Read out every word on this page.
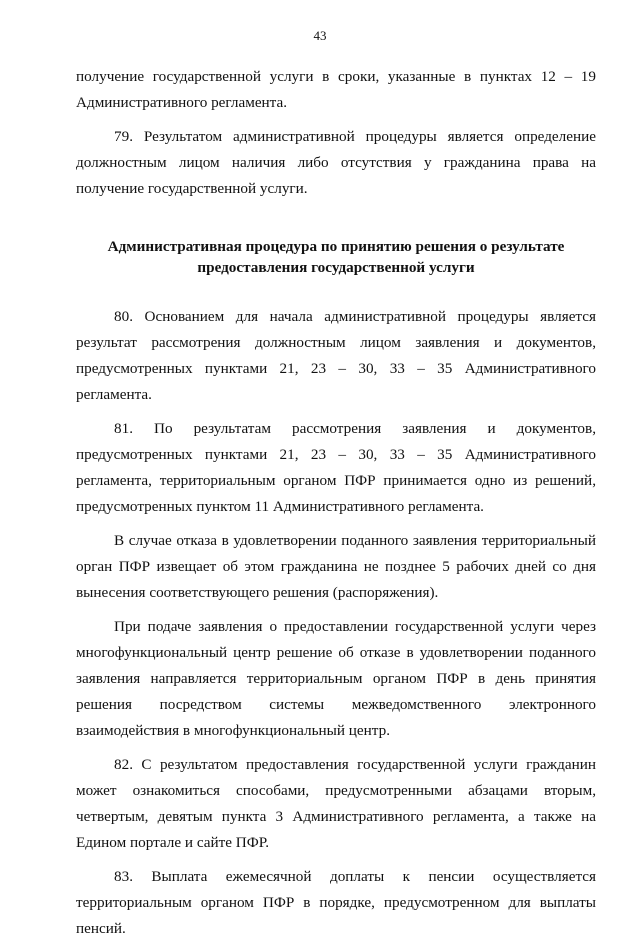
43

получение государственной услуги в сроки, указанные в пунктах 12 – 19 Административного регламента.

79. Результатом административной процедуры является определение должностным лицом наличия либо отсутствия у гражданина права на получение государственной услуги.

Административная процедура по принятию решения о результате
предоставления государственной услуги

80. Основанием для начала административной процедуры является результат рассмотрения должностным лицом заявления и документов, предусмотренных пунктами 21, 23 – 30, 33 – 35 Административного регламента.

81. По результатам рассмотрения заявления и документов, предусмотренных пунктами 21, 23 – 30, 33 – 35 Административного регламента, территориальным органом ПФР принимается одно из решений, предусмотренных пунктом 11 Административного регламента.

В случае отказа в удовлетворении поданного заявления территориальный орган ПФР извещает об этом гражданина не позднее 5 рабочих дней со дня вынесения соответствующего решения (распоряжения).

При подаче заявления о предоставлении государственной услуги через многофункциональный центр решение об отказе в удовлетворении поданного заявления направляется территориальным органом ПФР в день принятия решения посредством системы межведомственного электронного взаимодействия в многофункциональный центр.

82. С результатом предоставления государственной услуги гражданин может ознакомиться способами, предусмотренными абзацами вторым, четвертым, девятым пункта 3 Административного регламента, а также на Едином портале и сайте ПФР.

83. Выплата ежемесячной доплаты к пенсии осуществляется территориальным органом ПФР в порядке, предусмотренном для выплаты пенсий.
